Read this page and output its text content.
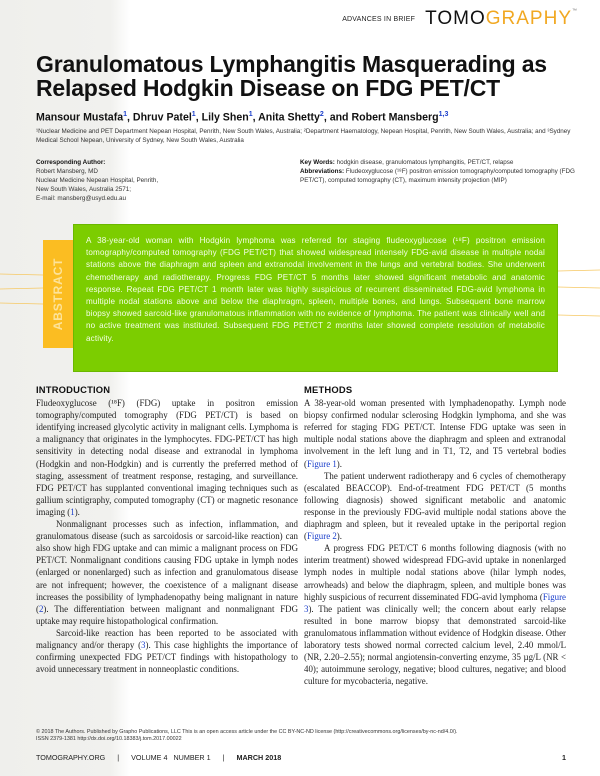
ADVANCES IN BRIEF TOMOGRAPHY™
Granulomatous Lymphangitis Masquerading as Relapsed Hodgkin Disease on FDG PET/CT
Mansour Mustafa$^1$, Dhruv Patel$^1$, Lily Shen$^1$, Anita Shetty$^2$, and Robert Mansberg$^{1,3}$
¹Nuclear Medicine and PET Department Nepean Hospital, Penrith, New South Wales, Australia; ²Department Haematology, Nepean Hospital, Penrith, New South Wales, Australia; and ³Sydney Medical School Nepean, University of Sydney, New South Wales, Australia
Corresponding Author:
Robert Mansberg, MD
Nuclear Medicine Nepean Hospital, Penrith,
New South Wales, Australia 2571;
E-mail: mansberg@usyd.edu.au
Key Words: hodgkin disease, granulomatous lymphangitis, PET/CT, relapse
Abbreviations: Fludeoxyglucose (¹⁸F) positron emission tomography/computed tomography (FDG PET/CT), computed tomography (CT), maximum intensity projection (MIP)
ABSTRACT
A 38-year-old woman with Hodgkin lymphoma was referred for staging fludeoxyglucose (¹⁸F) positron emission tomography/computed tomography (FDG PET/CT) that showed widespread intensely FDG-avid disease in multiple nodal stations above the diaphragm and spleen and extranodal involvement in the lungs and vertebral bodies. She underwent chemotherapy and radiotherapy. Progress FDG PET/CT 5 months later showed significant metabolic and anatomic response. Repeat FDG PET/CT 1 month later was highly suspicious of recurrent disseminated FDG-avid lymphoma in multiple nodal stations above and below the diaphragm, spleen, multiple bones, and lungs. Subsequent bone marrow biopsy showed sarcoid-like granulomatous inflammation with no evidence of lymphoma. The patient was clinically well and no active treatment was instituted. Subsequent FDG PET/CT 2 months later showed complete resolution of metabolic activity.
INTRODUCTION

Fludeoxyglucose (¹⁸F) (FDG) uptake in positron emission tomography/computed tomography (FDG PET/CT) is based on identifying increased glycolytic activity in malignant cells. Lymphoma is a malignancy that originates in the lymphocytes. FDG-PET/CT has high sensitivity in detecting nodal disease and extranodal in lymphoma (Hodgkin and non-Hodgkin) and is currently the preferred method of staging, assessment of treatment response, restaging, and surveillance. FDG PET/CT has supplanted conventional imaging techniques such as gallium scintigraphy, computed tomography (CT) or magnetic resonance imaging (1).

Nonmalignant processes such as infection, inflammation, and granulomatous disease (such as sarcoidosis or sarcoid-like reaction) can also show high FDG uptake and can mimic a malignant process on FDG PET/CT. Nonmalignant conditions causing FDG uptake in lymph nodes (enlarged or nonenlarged) such as infection and granulomatous disease are not infrequent; however, the coexistence of a malignant disease increases the possibility of lymphadenopathy being malignant in nature (2). The differentiation between malignant and nonmalignant FDG uptake may require histopathological confirmation.

Sarcoid-like reaction has been reported to be associated with malignancy and/or therapy (3). This case highlights the importance of confirming unexpected FDG PET/CT findings with histopathology to avoid unnecessary treatment in nonneoplastic conditions.

METHODS

A 38-year-old woman presented with lymphadenopathy. Lymph node biopsy confirmed nodular sclerosing Hodgkin lymphoma, and she was referred for staging FDG PET/CT. Intense FDG uptake was seen in multiple nodal stations above the diaphragm and spleen and extranodal involvement in the left lung and in T1, T2, and T5 vertebral bodies (Figure 1).

The patient underwent radiotherapy and 6 cycles of chemotherapy (escalated BEACCOP). End-of-treatment FDG PET/CT (5 months following diagnosis) showed significant metabolic and anatomic response in the previously FDG-avid multiple nodal stations above the diaphragm and spleen, but it revealed uptake in the periportal region (Figure 2).

A progress FDG PET/CT 6 months following diagnosis (with no interim treatment) showed widespread FDG-avid uptake in nonenlarged lymph nodes in multiple nodal stations above (hilar lymph nodes, arrowheads) and below the diaphragm, spleen, and multiple bones was highly suspicious of recurrent disseminated FDG-avid lymphoma (Figure 3). The patient was clinically well; the concern about early relapse resulted in bone marrow biopsy that demonstrated sarcoid-like granulomatous inflammation without evidence of Hodgkin disease. Other laboratory tests showed normal corrected calcium level, 2.40 mmol/L (NR, 2.20–2.55); normal angiotensin-converting enzyme, 35 µg/L (NR < 40); autoimmune serology, negative; blood cultures, negative; and blood culture for mycobacteria, negative.

© 2018 The Authors. Published by Grapho Publications, LLC This is an open access article under the CC BY-NC-ND license (http://creativecommons.org/licenses/by-nc-nd/4.0/).
ISSN 2379-1381 http://dx.doi.org/10.18383/j.tom.2017.00022
TOMOGRAPHY.ORG | VOLUME 4 NUMBER 1 | MARCH 2018	1
